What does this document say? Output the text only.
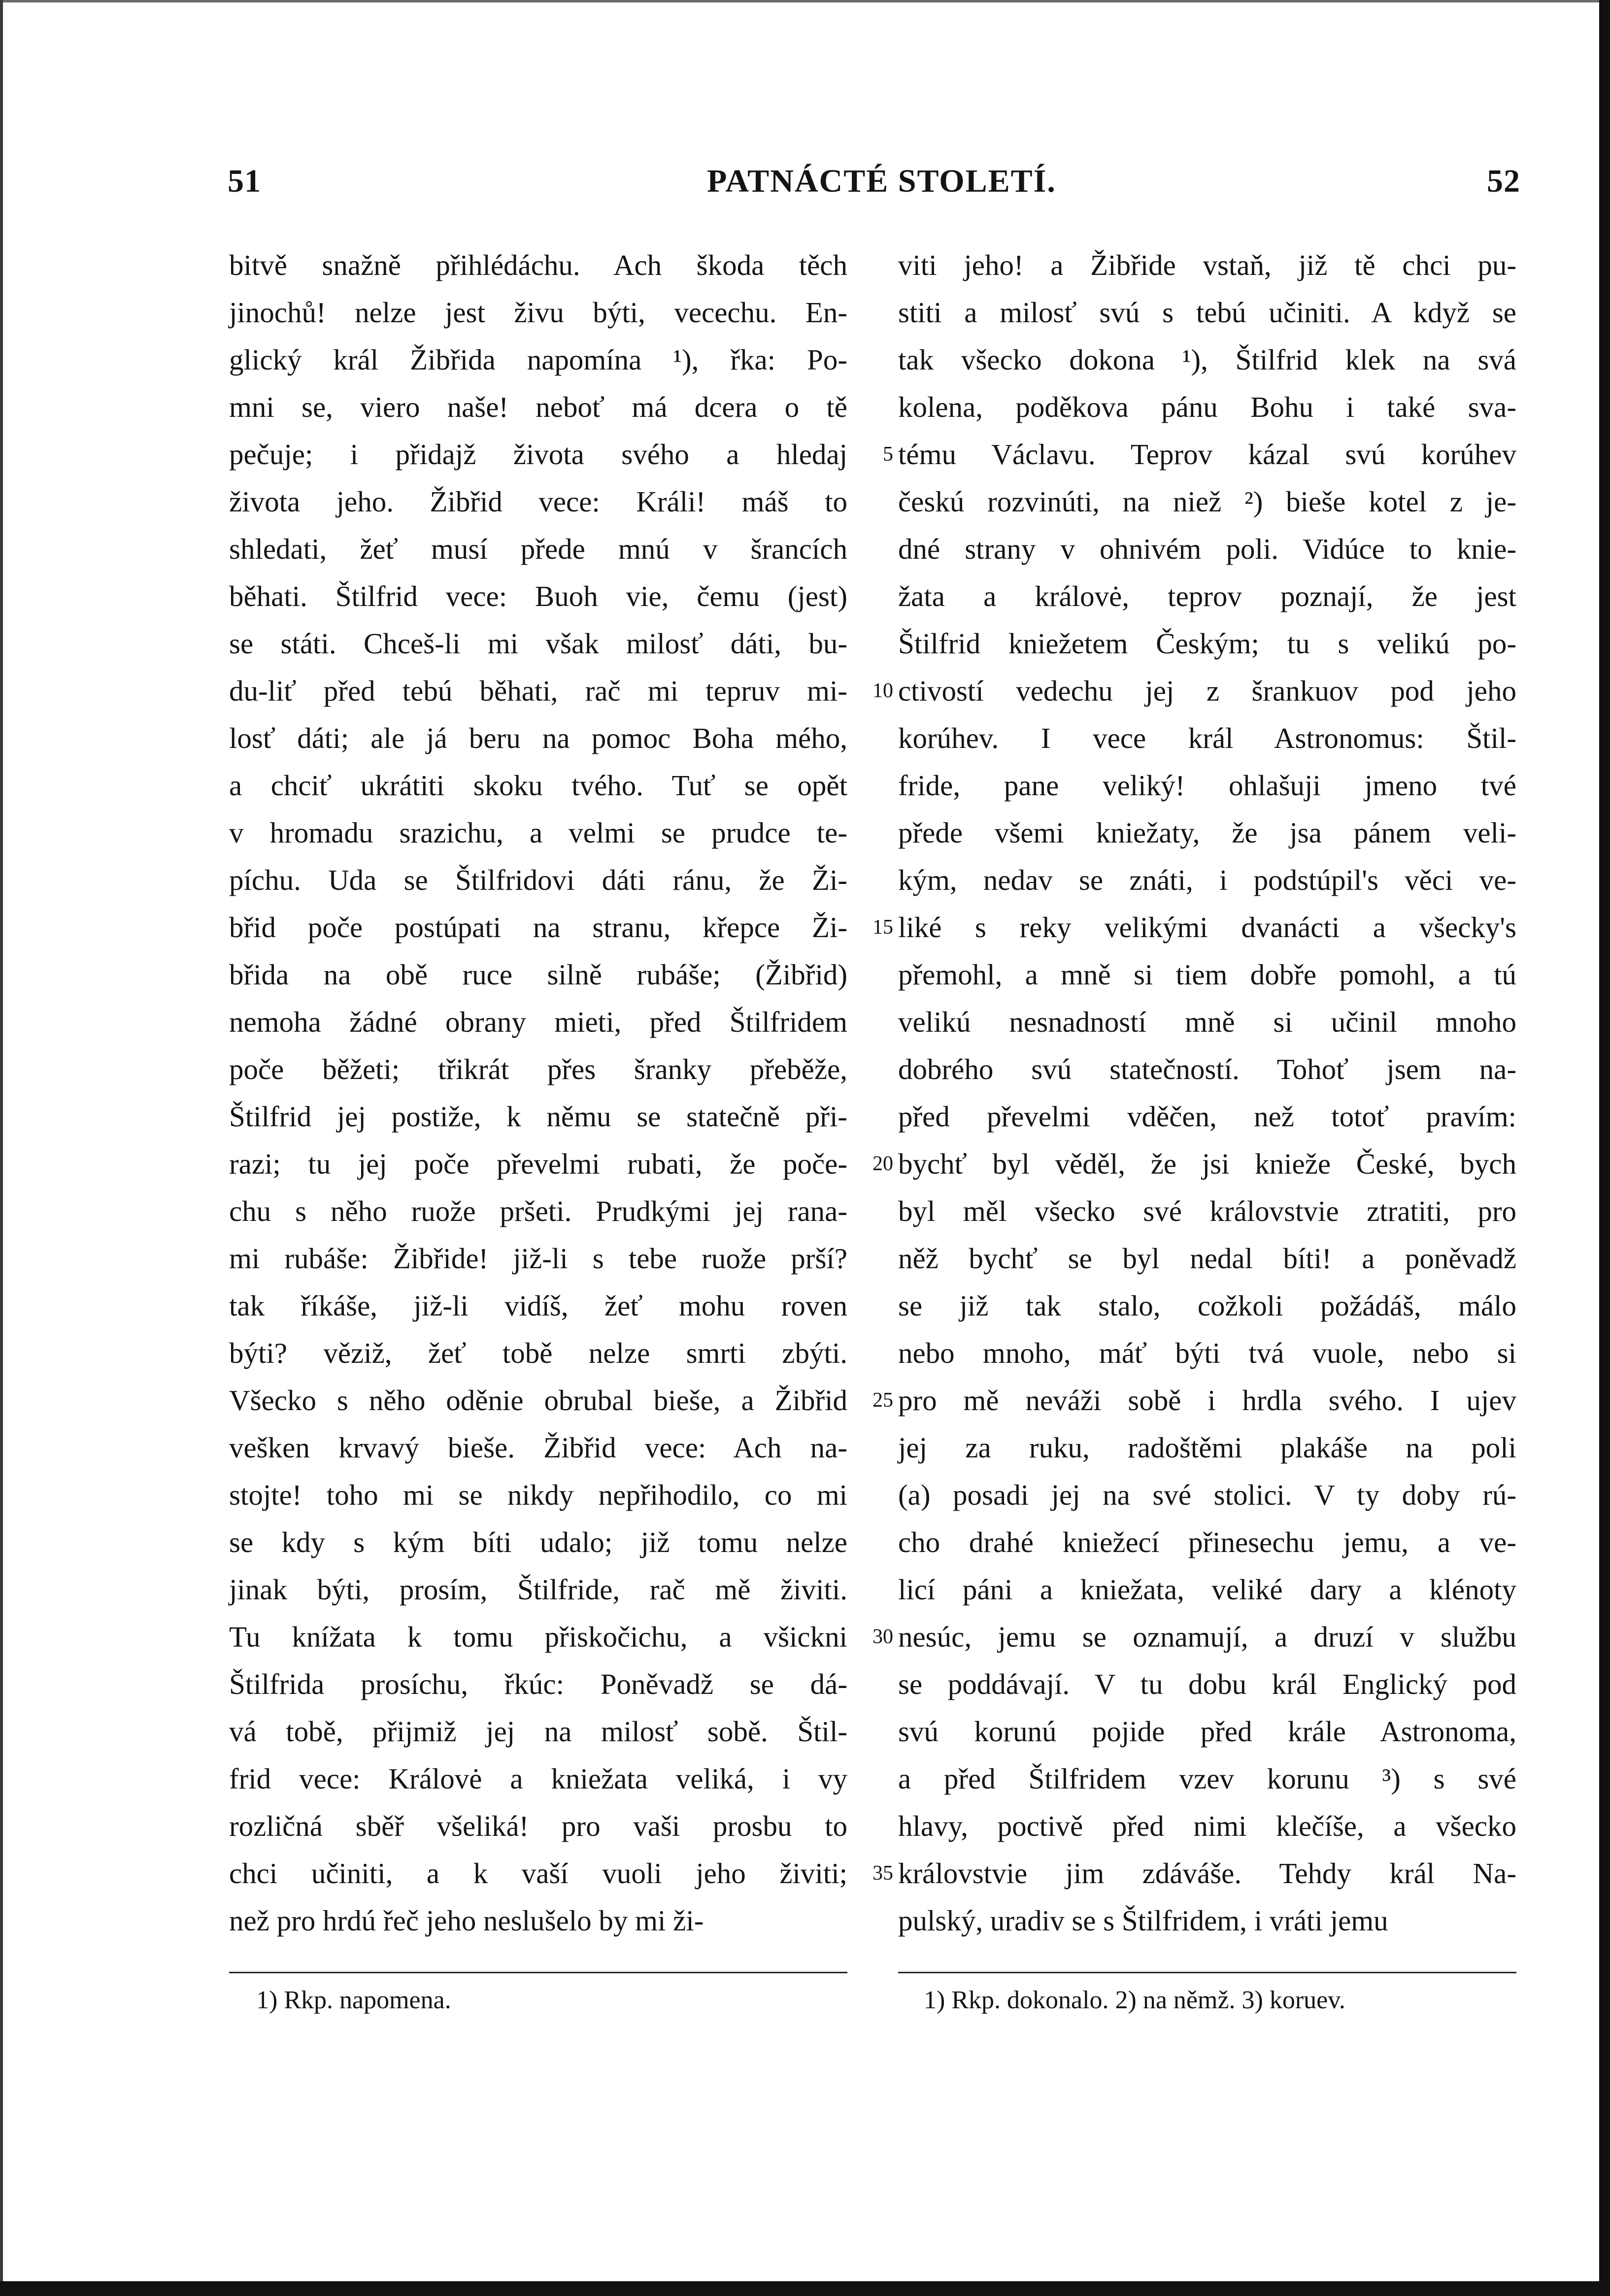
51	PATNÁCTÉ STOLETÍ.	52
bitvě snažně přihlédáchu. Ach škoda těch
jinochů! nelze jest živu býti, vecechu. En-
glický král Žibřida napomína ¹), řka: Po-
mni se, viero naše! neboť má dcera o tě
pečuje; i přidajž života svého a hledaj
života jeho. Žibřid vece: Králi! máš to
shledati, žeť musí přede mnú v šrancích
běhati. Štilfrid vece: Buoh vie, čemu (jest)
se státi. Chceš-li mi však milosť dáti, bu-
du-liť před tebú běhati, rač mi tepruv mi-
losť dáti; ale já beru na pomoc Boha mého,
a chciť ukrátiti skoku tvého. Tuť se opět
v hromadu srazichu, a velmi se prudce te-
píchu. Uda se Štilfridovi dáti ránu, že Ži-
břid poče postúpati na stranu, křepce Ži-
břida na obě ruce silně rubáše; (Žibřid)
nemoha žádné obrany mieti, před Štilfridem
poče běžeti; třikrát přes šranky přeběže,
Štilfrid jej postiže, k němu se statečně při-
razi; tu jej poče převelmi rubati, že poče-
chu s něho ruože pršeti. Prudkými jej rana-
mi rubáše: Žibřide! již-li s tebe ruože prší?
tak říkáše, již-li vidíš, žeť mohu roven
býti? věziž, žeť tobě nelze smrti zbýti.
Všecko s něho oděnie obrubal bieše, a Žibřid
vešken krvavý bieše. Žibřid vece: Ach na-
stojte! toho mi se nikdy nepřihodilo, co mi
se kdy s kým bíti udalo; již tomu nelze
jinak býti, prosím, Štilfride, rač mě živiti.
Tu knížata k tomu přiskočichu, a všickni
Štilfrida prosíchu, řkúc: Poněvadž se dá-
vá tobě, přijmiž jej na milosť sobě. Štil-
frid vece: Královė a kniežata veliká, i vy
rozličná sběř všeliká! pro vaši prosbu to
chci učiniti, a k vaší vuoli jeho živiti;
než pro hrdú řeč jeho neslušelo by mi ži-
5
10
15
20
25
30
35
viti jeho! a Žibřide vstaň, již tě chci pu-
stiti a milosť svú s tebú učiniti. A když se
tak všecko dokona ¹), Štilfrid klek na svá
kolena, poděkova pánu Bohu i také sva-
tému Václavu. Teprov kázal svú korúhev
českú rozvinúti, na niež ²) bieše kotel z je-
dné strany v ohnivém poli. Vidúce to knie-
žata a královė, teprov poznají, že jest
Štilfrid kniežetem Českým; tu s velikú po-
ctivostí vedechu jej z šrankuov pod jeho
korúhev. I vece král Astronomus: Štil-
fride, pane veliký! ohlašuji jmeno tvé
přede všemi kniežaty, že jsa pánem veli-
kým, nedav se znáti, i podstúpil's věci ve-
liké s reky velikými dvanácti a všecky's
přemohl, a mně si tiem dobře pomohl, a tú
velikú nesnadností mně si učinil mnoho
dobrého svú statečností. Tohoť jsem na-
před převelmi vděčen, než totoť pravím:
bychť byl věděl, že jsi knieže České, bych
byl měl všecko své královstvie ztratiti, pro
něž bychť se byl nedal bíti! a poněvadž
se již tak stalo, cožkoli požádáš, málo
nebo mnoho, máť býti tvá vuole, nebo si
pro mě neváži sobě i hrdla svého. I ujev
jej za ruku, radoštěmi plakáše na poli
(a) posadi jej na své stolici. V ty doby rú-
cho drahé kniežecí přinesechu jemu, a ve-
licí páni a kniežata, veliké dary a klénoty
nesúc, jemu se oznamují, a druzí v službu
se poddávají. V tu dobu král Englický pod
svú korunú pojide před krále Astronoma,
a před Štilfridem vzev korunu ³) s své
hlavy, poctivě před nimi klečíše, a všecko
královstvie jim zdáváše. Tehdy král Na-
pulský, uradiv se s Štilfridem, i vráti jemu
1) Rkp. napomena.	1) Rkp. dokonalo. 2) na němž. 3) koruev.
